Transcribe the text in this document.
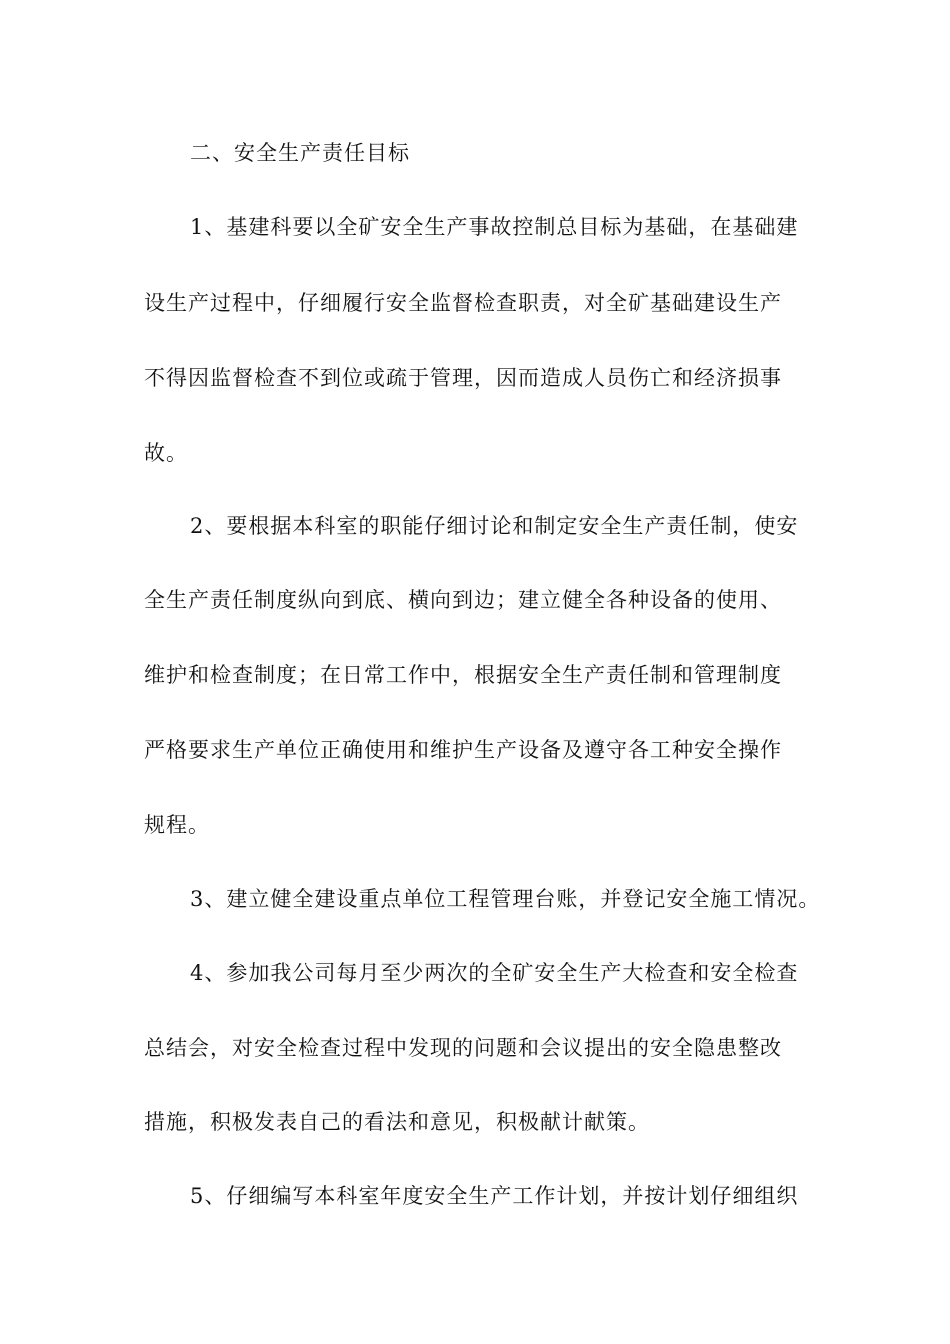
二、安全生产责任目标
1、基建科要以全矿安全生产事故控制总目标为基础，在基础建
设生产过程中，仔细履行安全监督检查职责，对全矿基础建设生产
不得因监督检查不到位或疏于管理，因而造成人员伤亡和经济损事
故。
2、要根据本科室的职能仔细讨论和制定安全生产责任制，使安
全生产责任制度纵向到底、横向到边；建立健全各种设备的使用、
维护和检查制度；在日常工作中，根据安全生产责任制和管理制度
严格要求生产单位正确使用和维护生产设备及遵守各工种安全操作
规程。
3、建立健全建设重点单位工程管理台账，并登记安全施工情况。
4、参加我公司每月至少两次的全矿安全生产大检查和安全检查
总结会，对安全检查过程中发现的问题和会议提出的安全隐患整改
措施，积极发表自己的看法和意见，积极献计献策。
5、仔细编写本科室年度安全生产工作计划，并按计划仔细组织
